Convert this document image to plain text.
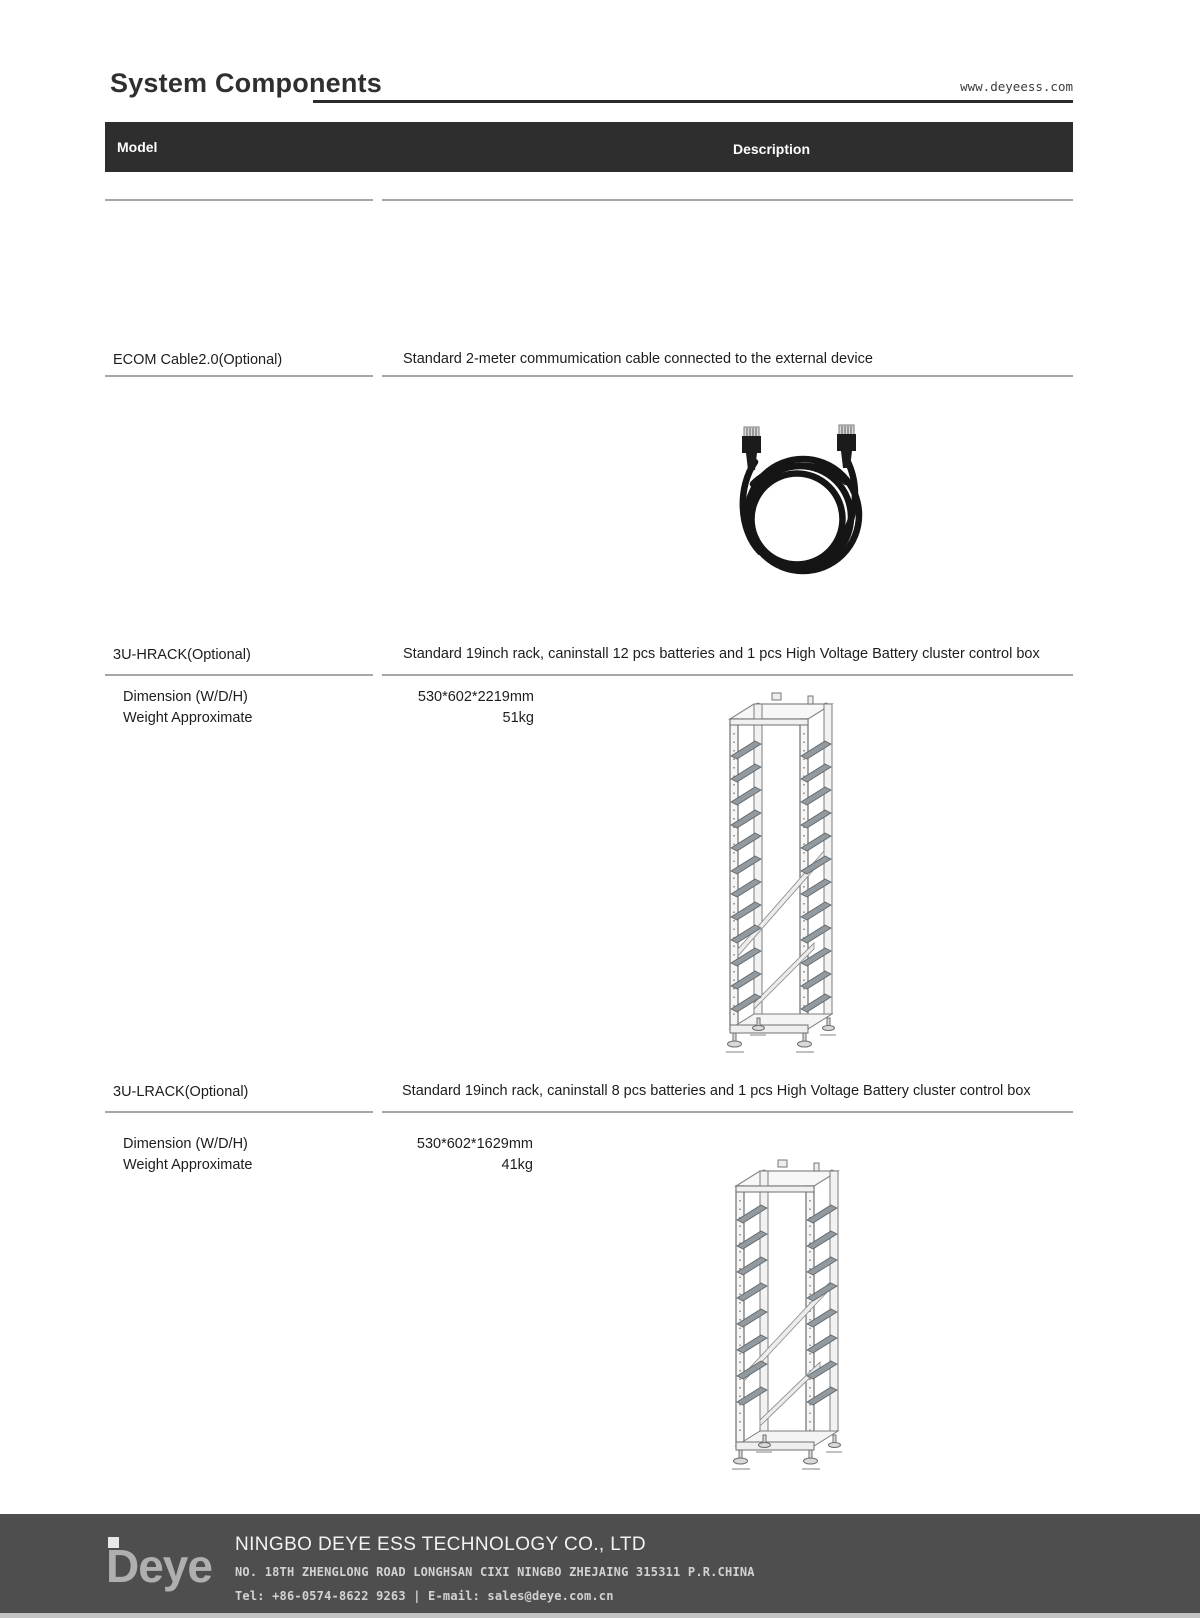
System Components	www.deyeess.com
Model	Description
ECOM Cable2.0(Optional)	Standard 2-meter commumication cable connected to the external device
3U-HRACK(Optional)	Standard 19inch rack, caninstall 12 pcs batteries and 1 pcs High Voltage Battery cluster control box
Dimension (W/D/H)	530*602*2219mm
Weight Approximate	51kg
3U-LRACK(Optional)	Standard 19inch rack, caninstall 8 pcs batteries and 1 pcs High Voltage Battery cluster control box
Dimension (W/D/H)	530*602*1629mm
Weight Approximate	41kg
Deye NINGBO DEYE ESS TECHNOLOGY CO., LTD
NO. 18TH ZHENGLONG ROAD LONGHSAN CIXI NINGBO ZHEJAING 315311 P.R.CHINA
Tel: +86-0574-8622 9263 | E-mail: sales@deye.com.cn
